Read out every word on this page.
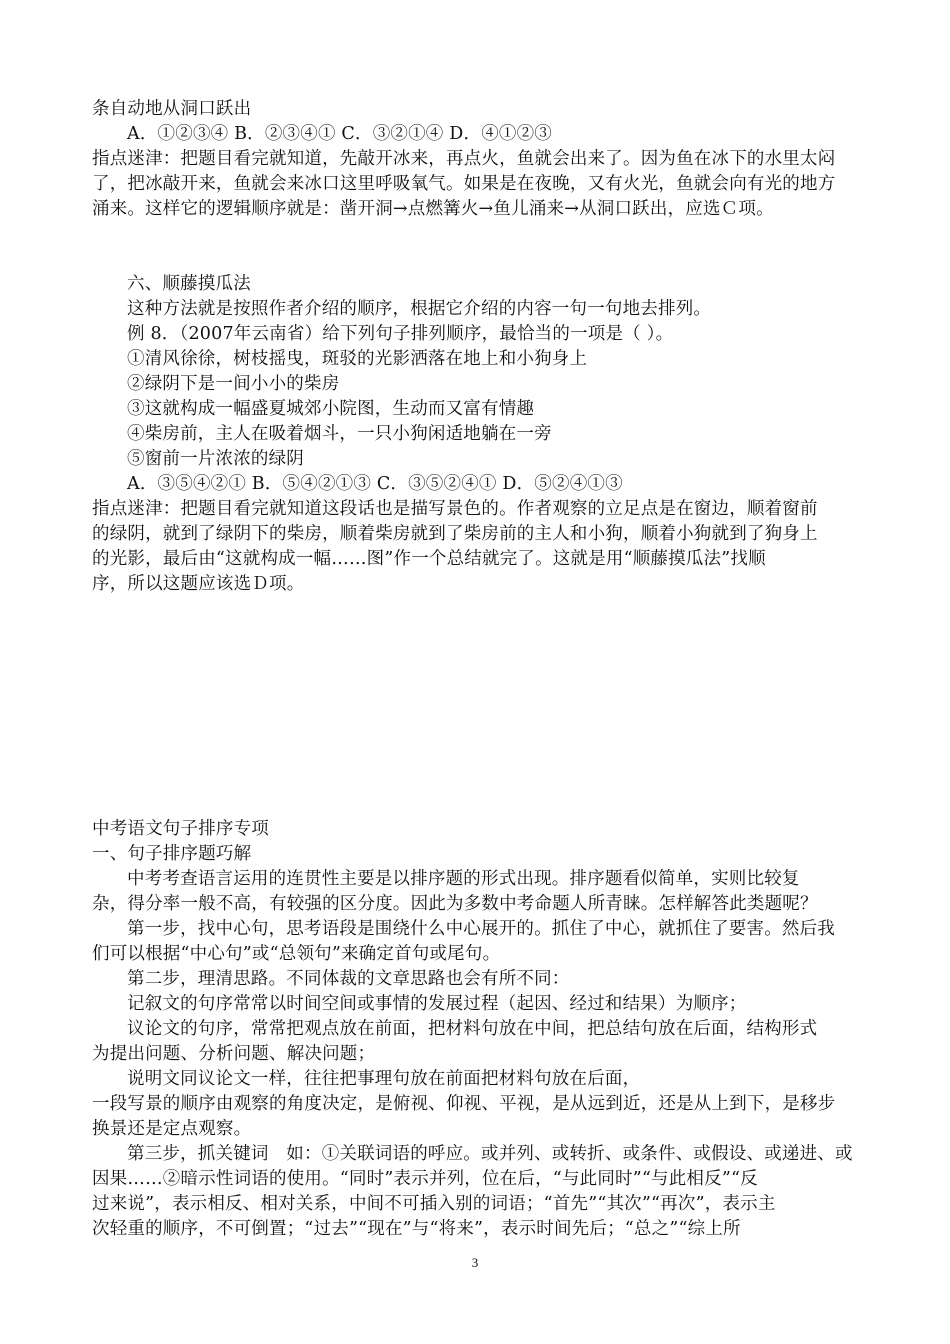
条自动地从洞口跃出
A．①②③④ B．②③④① C．③②①④ D．④①②③
指点迷津：把题目看完就知道，先敲开冰来，再点火，鱼就会出来了。因为鱼在冰下的水里太闷
了，把冰敲开来，鱼就会来冰口这里呼吸氧气。如果是在夜晚，又有火光，鱼就会向有光的地方
涌来。这样它的逻辑顺序就是：凿开洞→点燃篝火→鱼儿涌来→从洞口跃出，应选Ｃ项。
六、顺藤摸瓜法
这种方法就是按照作者介绍的顺序，根据它介绍的内容一句一句地去排列。
例 8．（2007年云南省）给下列句子排列顺序，最恰当的一项是（ ）。
①清风徐徐，树枝摇曳，斑驳的光影洒落在地上和小狗身上
②绿阴下是一间小小的柴房
③这就构成一幅盛夏城郊小院图，生动而又富有情趣
④柴房前，主人在吸着烟斗，一只小狗闲适地躺在一旁
⑤窗前一片浓浓的绿阴
A．③⑤④②① B．⑤④②①③ C．③⑤②④① D．⑤②④①③
指点迷津：把题目看完就知道这段话也是描写景色的。作者观察的立足点是在窗边，顺着窗前
的绿阴，就到了绿阴下的柴房，顺着柴房就到了柴房前的主人和小狗，顺着小狗就到了狗身上
的光影，最后由“这就构成一幅……图”作一个总结就完了。这就是用“顺藤摸瓜法”找顺
序，所以这题应该选Ｄ项。
中考语文句子排序专项
一、句子排序题巧解
中考考查语言运用的连贯性主要是以排序题的形式出现。排序题看似简单，实则比较复
杂，得分率一般不高，有较强的区分度。因此为多数中考命题人所青睐。怎样解答此类题呢？
第一步，找中心句，思考语段是围绕什么中心展开的。抓住了中心，就抓住了要害。然后我
们可以根据“中心句”或“总领句”来确定首句或尾句。
第二步，理清思路。不同体裁的文章思路也会有所不同：
记叙文的句序常常以时间空间或事情的发展过程（起因、经过和结果）为顺序；
议论文的句序，常常把观点放在前面，把材料句放在中间，把总结句放在后面，结构形式
为提出问题、分析问题、解决问题；
说明文同议论文一样，往往把事理句放在前面把材料句放在后面，
一段写景的顺序由观察的角度决定，是俯视、仰视、平视，是从远到近，还是从上到下，是移步
换景还是定点观察。
第三步，抓关键词　如：①关联词语的呼应。或并列、或转折、或条件、或假设、或递进、或
因果……②暗示性词语的使用。“同时”表示并列，位在后，“与此同时”“与此相反”“反
过来说”，表示相反、相对关系，中间不可插入别的词语；“首先”“其次”“再次”，表示主
次轻重的顺序，不可倒置；“过去”“现在”与“将来”，表示时间先后；“总之”“综上所
3
